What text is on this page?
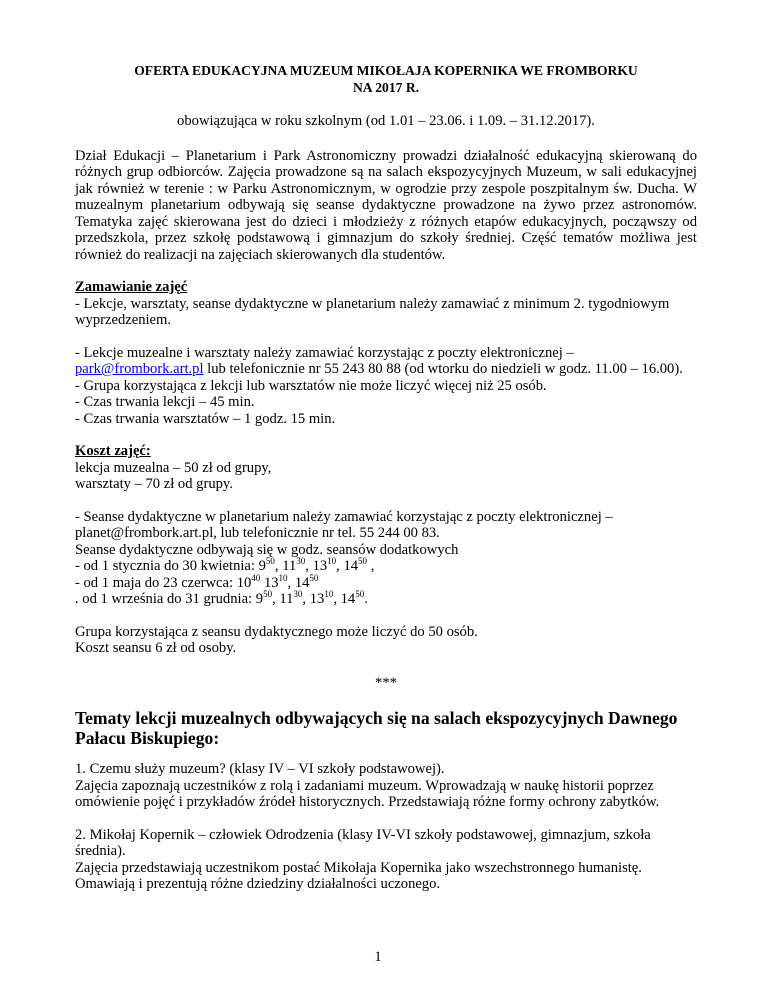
OFERTA EDUKACYJNA MUZEUM MIKOŁAJA KOPERNIKA WE FROMBORKU
NA 2017 R.

obowiązująca w roku szkolnym (od 1.01 – 23.06. i 1.09. – 31.12.2017).

Dział Edukacji – Planetarium i Park Astronomiczny prowadzi działalność edukacyjną skierowaną do różnych grup odbiorców. Zajęcia prowadzone są na salach ekspozycyjnych Muzeum, w sali edukacyjnej jak również w terenie : w Parku Astronomicznym, w ogrodzie przy zespole poszpitalnym św. Ducha. W muzealnym planetarium odbywają się seanse dydaktyczne prowadzone na żywo przez astronomów. Tematyka zajęć skierowana jest do dzieci i młodzieży z różnych etapów edukacyjnych, począwszy od przedszkola, przez szkołę podstawową i gimnazjum do szkoły średniej. Część tematów możliwa jest również do realizacji na zajęciach skierowanych dla studentów.

Zamawianie zajęć

- Lekcje, warsztaty, seanse dydaktyczne w planetarium należy zamawiać z minimum 2. tygodniowym wyprzedzeniem.

- Lekcje muzealne i warsztaty należy zamawiać korzystając z poczty elektronicznej –
park@frombork.art.pl lub telefonicznie nr 55 243 80 88 (od wtorku do niedzieli w godz. 11.00 – 16.00).

- Grupa korzystająca z lekcji lub warsztatów nie może liczyć więcej niż 25 osób.

- Czas trwania lekcji – 45 min.

- Czas trwania warsztatów – 1 godz. 15 min.

Koszt zajęć:

lekcja muzealna – 50 zł od grupy,

warsztaty – 70 zł od grupy.

- Seanse dydaktyczne w planetarium należy zamawiać korzystając z poczty elektronicznej –

planet@frombork.art.pl, lub telefonicznie nr tel. 55 244 00 83.

Seanse dydaktyczne odbywają się w godz. seansów dodatkowych

- od 1 stycznia do 30 kwietnia: $9^{50}$, $11^{30}$, $13^{10}$, $14^{50}$ ,

- od 1 maja do 23 czerwca: $10^{40}$ $13^{10}$, $14^{50}$

. od 1 września do 31 grudnia: $9^{50}$, $11^{30}$, $13^{10}$, $14^{50}$.

Grupa korzystająca z seansu dydaktycznego może liczyć do 50 osób.

Koszt seansu 6 zł od osoby.

***

Tematy lekcji muzealnych odbywających się na salach ekspozycyjnych Dawnego Pałacu Biskupiego:

1. Czemu służy muzeum? (klasy IV – VI szkoły podstawowej).

Zajęcia zapoznają uczestników z rolą i zadaniami muzeum. Wprowadzają w naukę historii poprzez omówienie pojęć i przykładów źródeł historycznych. Przedstawiają różne formy ochrony zabytków.

2. Mikołaj Kopernik – człowiek Odrodzenia (klasy IV-VI szkoły podstawowej, gimnazjum, szkoła średnia).

Zajęcia przedstawiają uczestnikom postać Mikołaja Kopernika jako wszechstronnego humanistę. Omawiają i prezentują różne dziedziny działalności uczonego.

1
